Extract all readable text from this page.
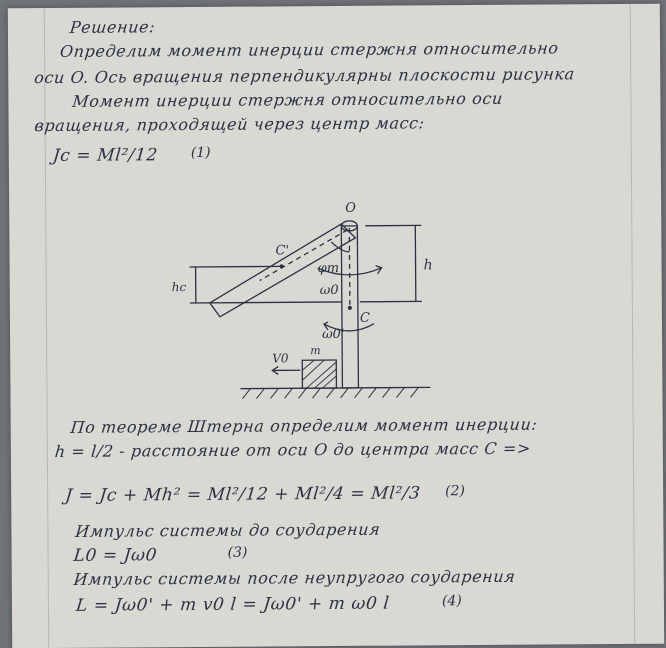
Решение:

Определим момент инерции стержня относительно

оси O. Ось вращения перпендикулярны плоскости рисунка

Момент инерции стержня относительно оси

вращения, проходящей через центр масс:

Jc = Ml²/12 (1)
O
C'
C
φm
ω0
ω0'
m
V0
h
hc

По теореме Штерна определим момент инерции:

h = l/2 - расстояние от оси O до центра масс C =>

J = Jc + Mh² = Ml²/12 + Ml²/4 = Ml²/3 (2)

Импульс системы до соударения

L0 = Jω0	(3)

Импульс системы после неупругого соударения

L = Jω0' + m v0 l = Jω0' + m ω0 l	(4)
